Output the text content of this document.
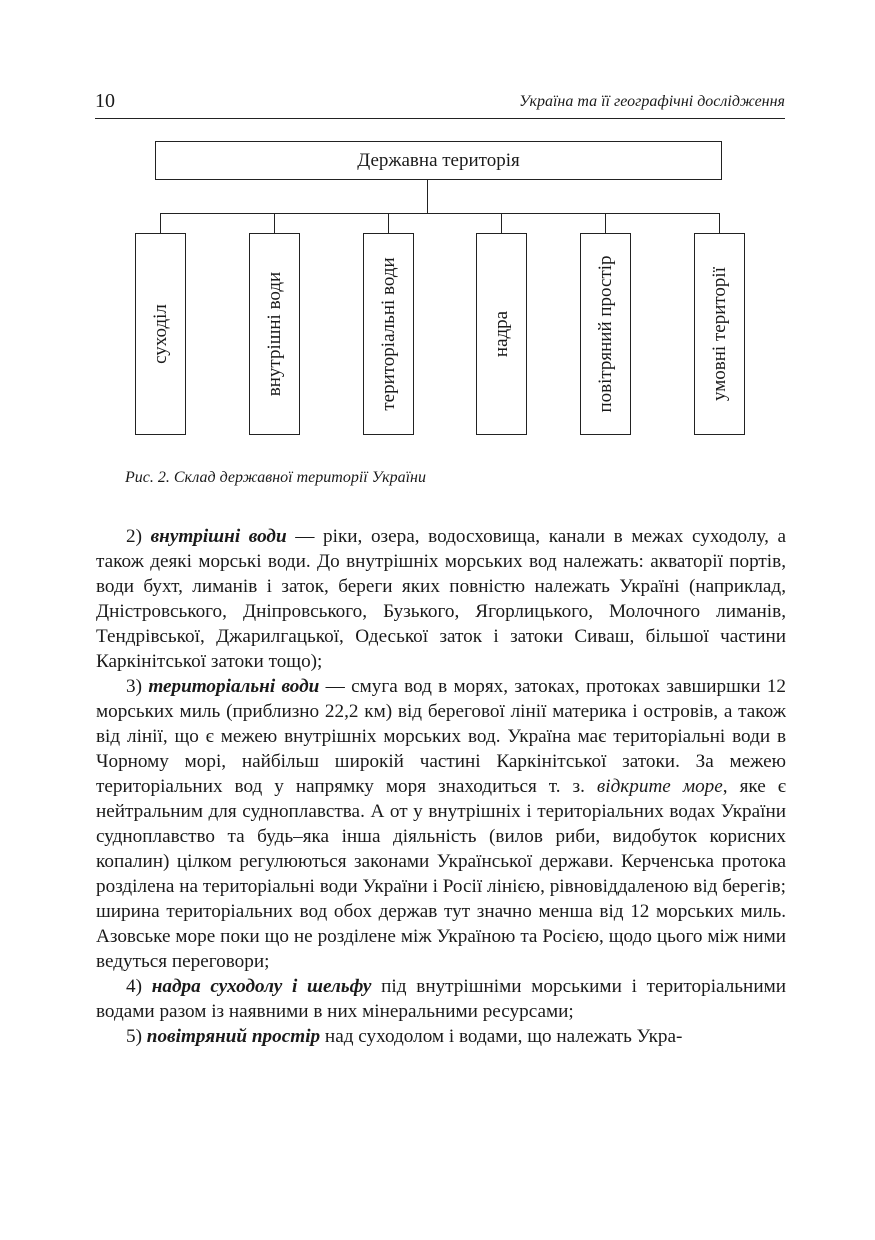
10	Україна та її географічні дослідження
Державна територія
суходіл	внутрішні води	територіальні води	надра	повітряний простір	умовні території
Рис. 2. Склад державної території України

2) внутрішні води — ріки, озера, водосховища, канали в межах суходолу, а також деякі морські води. До внутрішніх морських вод належать: акваторії портів, води бухт, лиманів і заток, береги яких повністю належать Україні (наприклад, Дністровського, Дніпровського, Бузького, Ягорлицького, Молочного лиманів, Тендрівської, Джарилгацької, Одеської заток і затоки Сиваш, більшої частини Каркінітської затоки тощо);

3) територіальні води — смуга вод в морях, затоках, протоках завширшки 12 морських миль (приблизно 22,2 км) від берегової лінії материка і островів, а також від лінії, що є межею внутрішніх морських вод. Україна має територіальні води в Чорному морі, найбільш широкій частині Каркінітської затоки. За межею територіальних вод у напрямку моря знаходиться т. з. відкрите море, яке є нейтральним для судноплавства. А от у внутрішніх і територіальних водах України судноплавство та будь–яка інша діяльність (вилов риби, видобуток корисних копалин) цілком регулюються законами Української держави. Керченська протока розділена на територіальні води України і Росії лінією, рівновіддаленою від берегів; ширина територіальних вод обох держав тут значно менша від 12 морських миль. Азовське море поки що не розділене між Україною та Росією, щодо цього між ними ведуться переговори;

4) надра суходолу і шельфу під внутрішніми морськими і територіальними водами разом із наявними в них мінеральними ресурсами;

5) повітряний простір над суходолом і водами, що належать Укра-
